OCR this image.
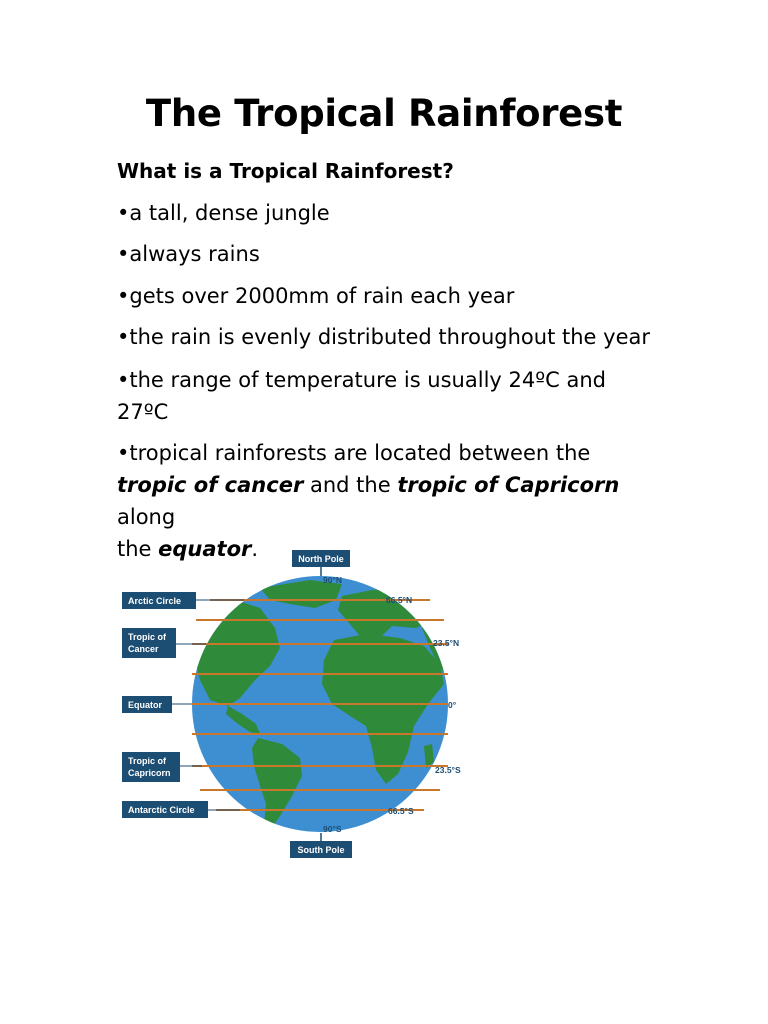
The Tropical Rainforest
What is a Tropical Rainforest?

•a tall, dense jungle

•always rains

•gets over 2000mm of rain each year

•the rain is evenly distributed throughout the year

•the range of temperature is usually 24ºC and
27ºC

•tropical rainforests are located between the
tropic of cancer and the tropic of Capricorn along
the equator.	North Pole
90°N
90°S
South Pole
Arctic Circle
Tropic of
Cancer
Equator
Tropic of
Capricorn
Antarctic Circle
66.5°N
23.5°N
0°
23.5°S
66.5°S
